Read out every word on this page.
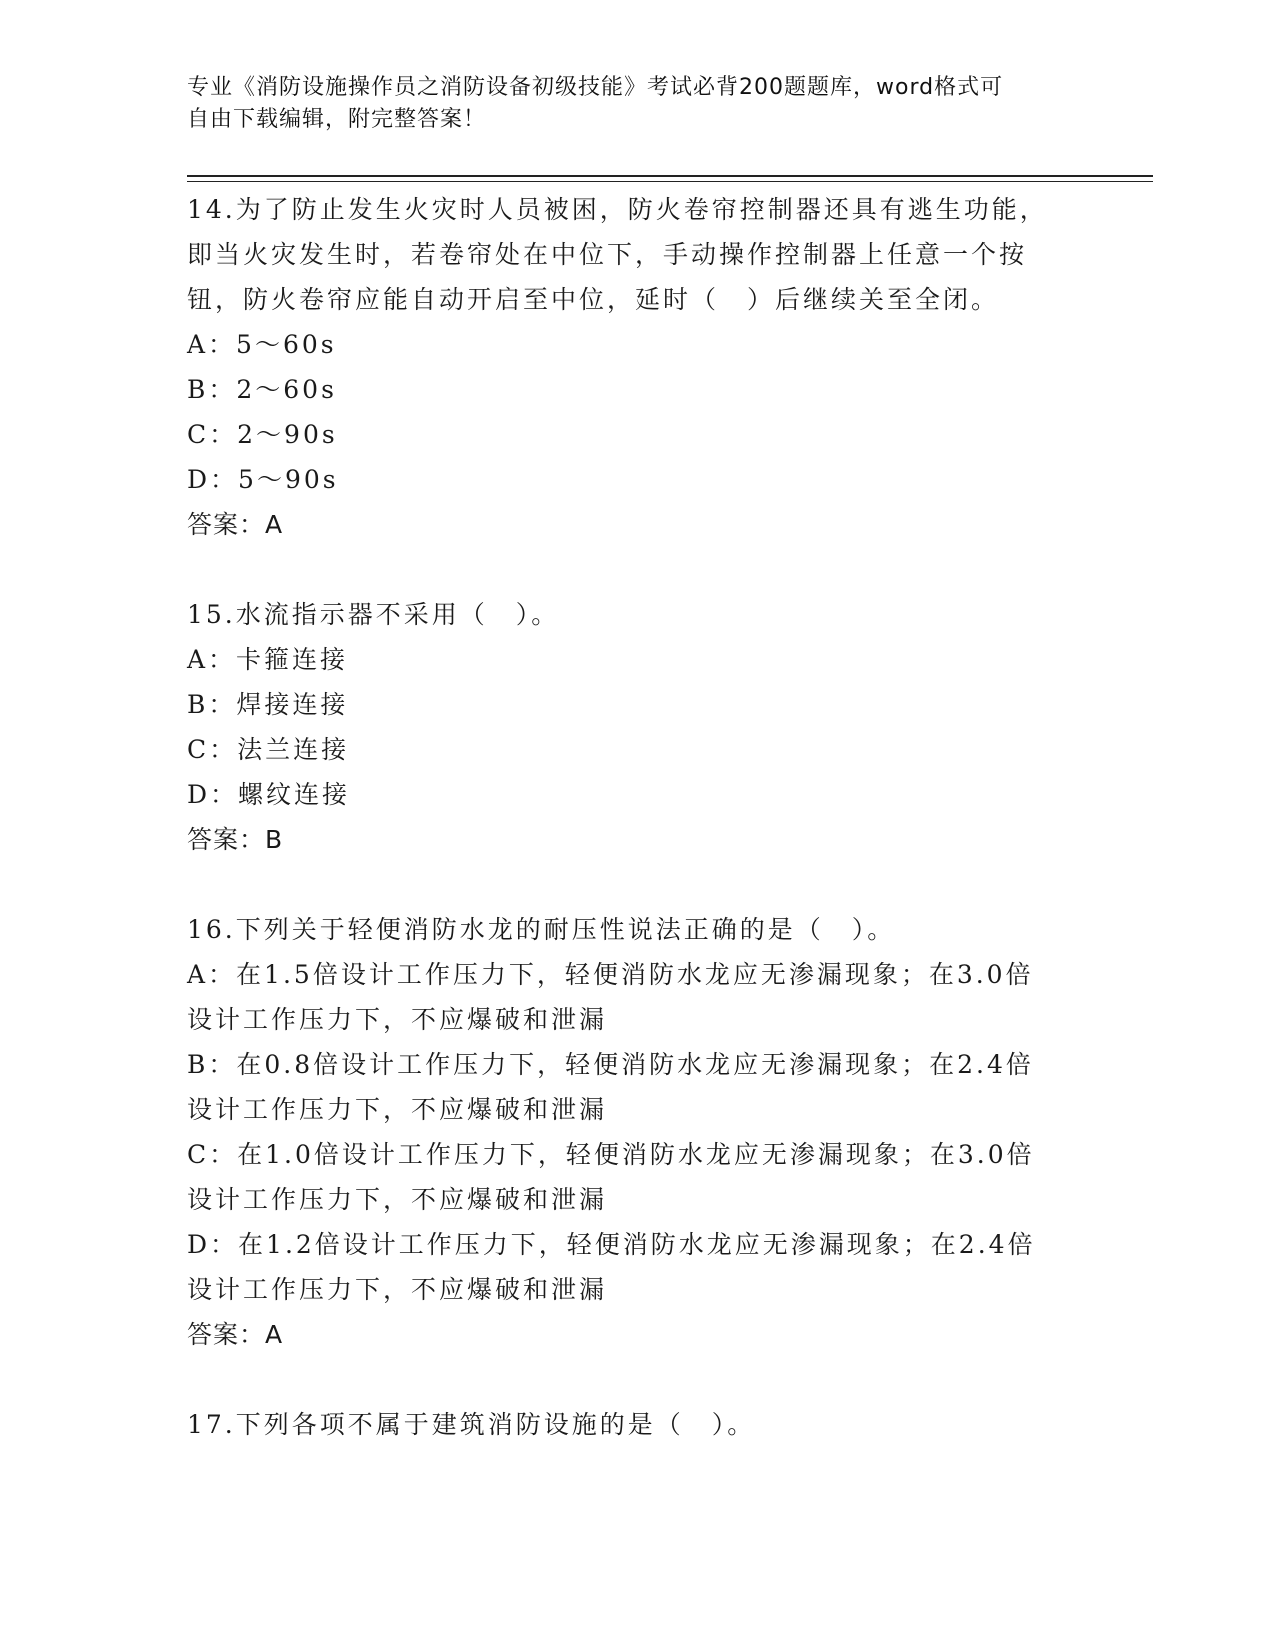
专业《消防设施操作员之消防设备初级技能》考试必背200题题库，word格式可
自由下载编辑，附完整答案！
14.为了防止发生火灾时人员被困，防火卷帘控制器还具有逃生功能，
即当火灾发生时，若卷帘处在中位下，手动操作控制器上任意一个按
钮，防火卷帘应能自动开启至中位，延时（　）后继续关至全闭。
A：5～60s
B：2～60s
C：2～90s
D：5～90s
答案：A
15.水流指示器不采用（　）。
A：卡箍连接
B：焊接连接
C：法兰连接
D：螺纹连接
答案：B
16.下列关于轻便消防水龙的耐压性说法正确的是（　）。
A：在1.5倍设计工作压力下，轻便消防水龙应无渗漏现象；在3.0倍
设计工作压力下，不应爆破和泄漏
B：在0.8倍设计工作压力下，轻便消防水龙应无渗漏现象；在2.4倍
设计工作压力下，不应爆破和泄漏
C：在1.0倍设计工作压力下，轻便消防水龙应无渗漏现象；在3.0倍
设计工作压力下，不应爆破和泄漏
D：在1.2倍设计工作压力下，轻便消防水龙应无渗漏现象；在2.4倍
设计工作压力下，不应爆破和泄漏
答案：A
17.下列各项不属于建筑消防设施的是（　）。
